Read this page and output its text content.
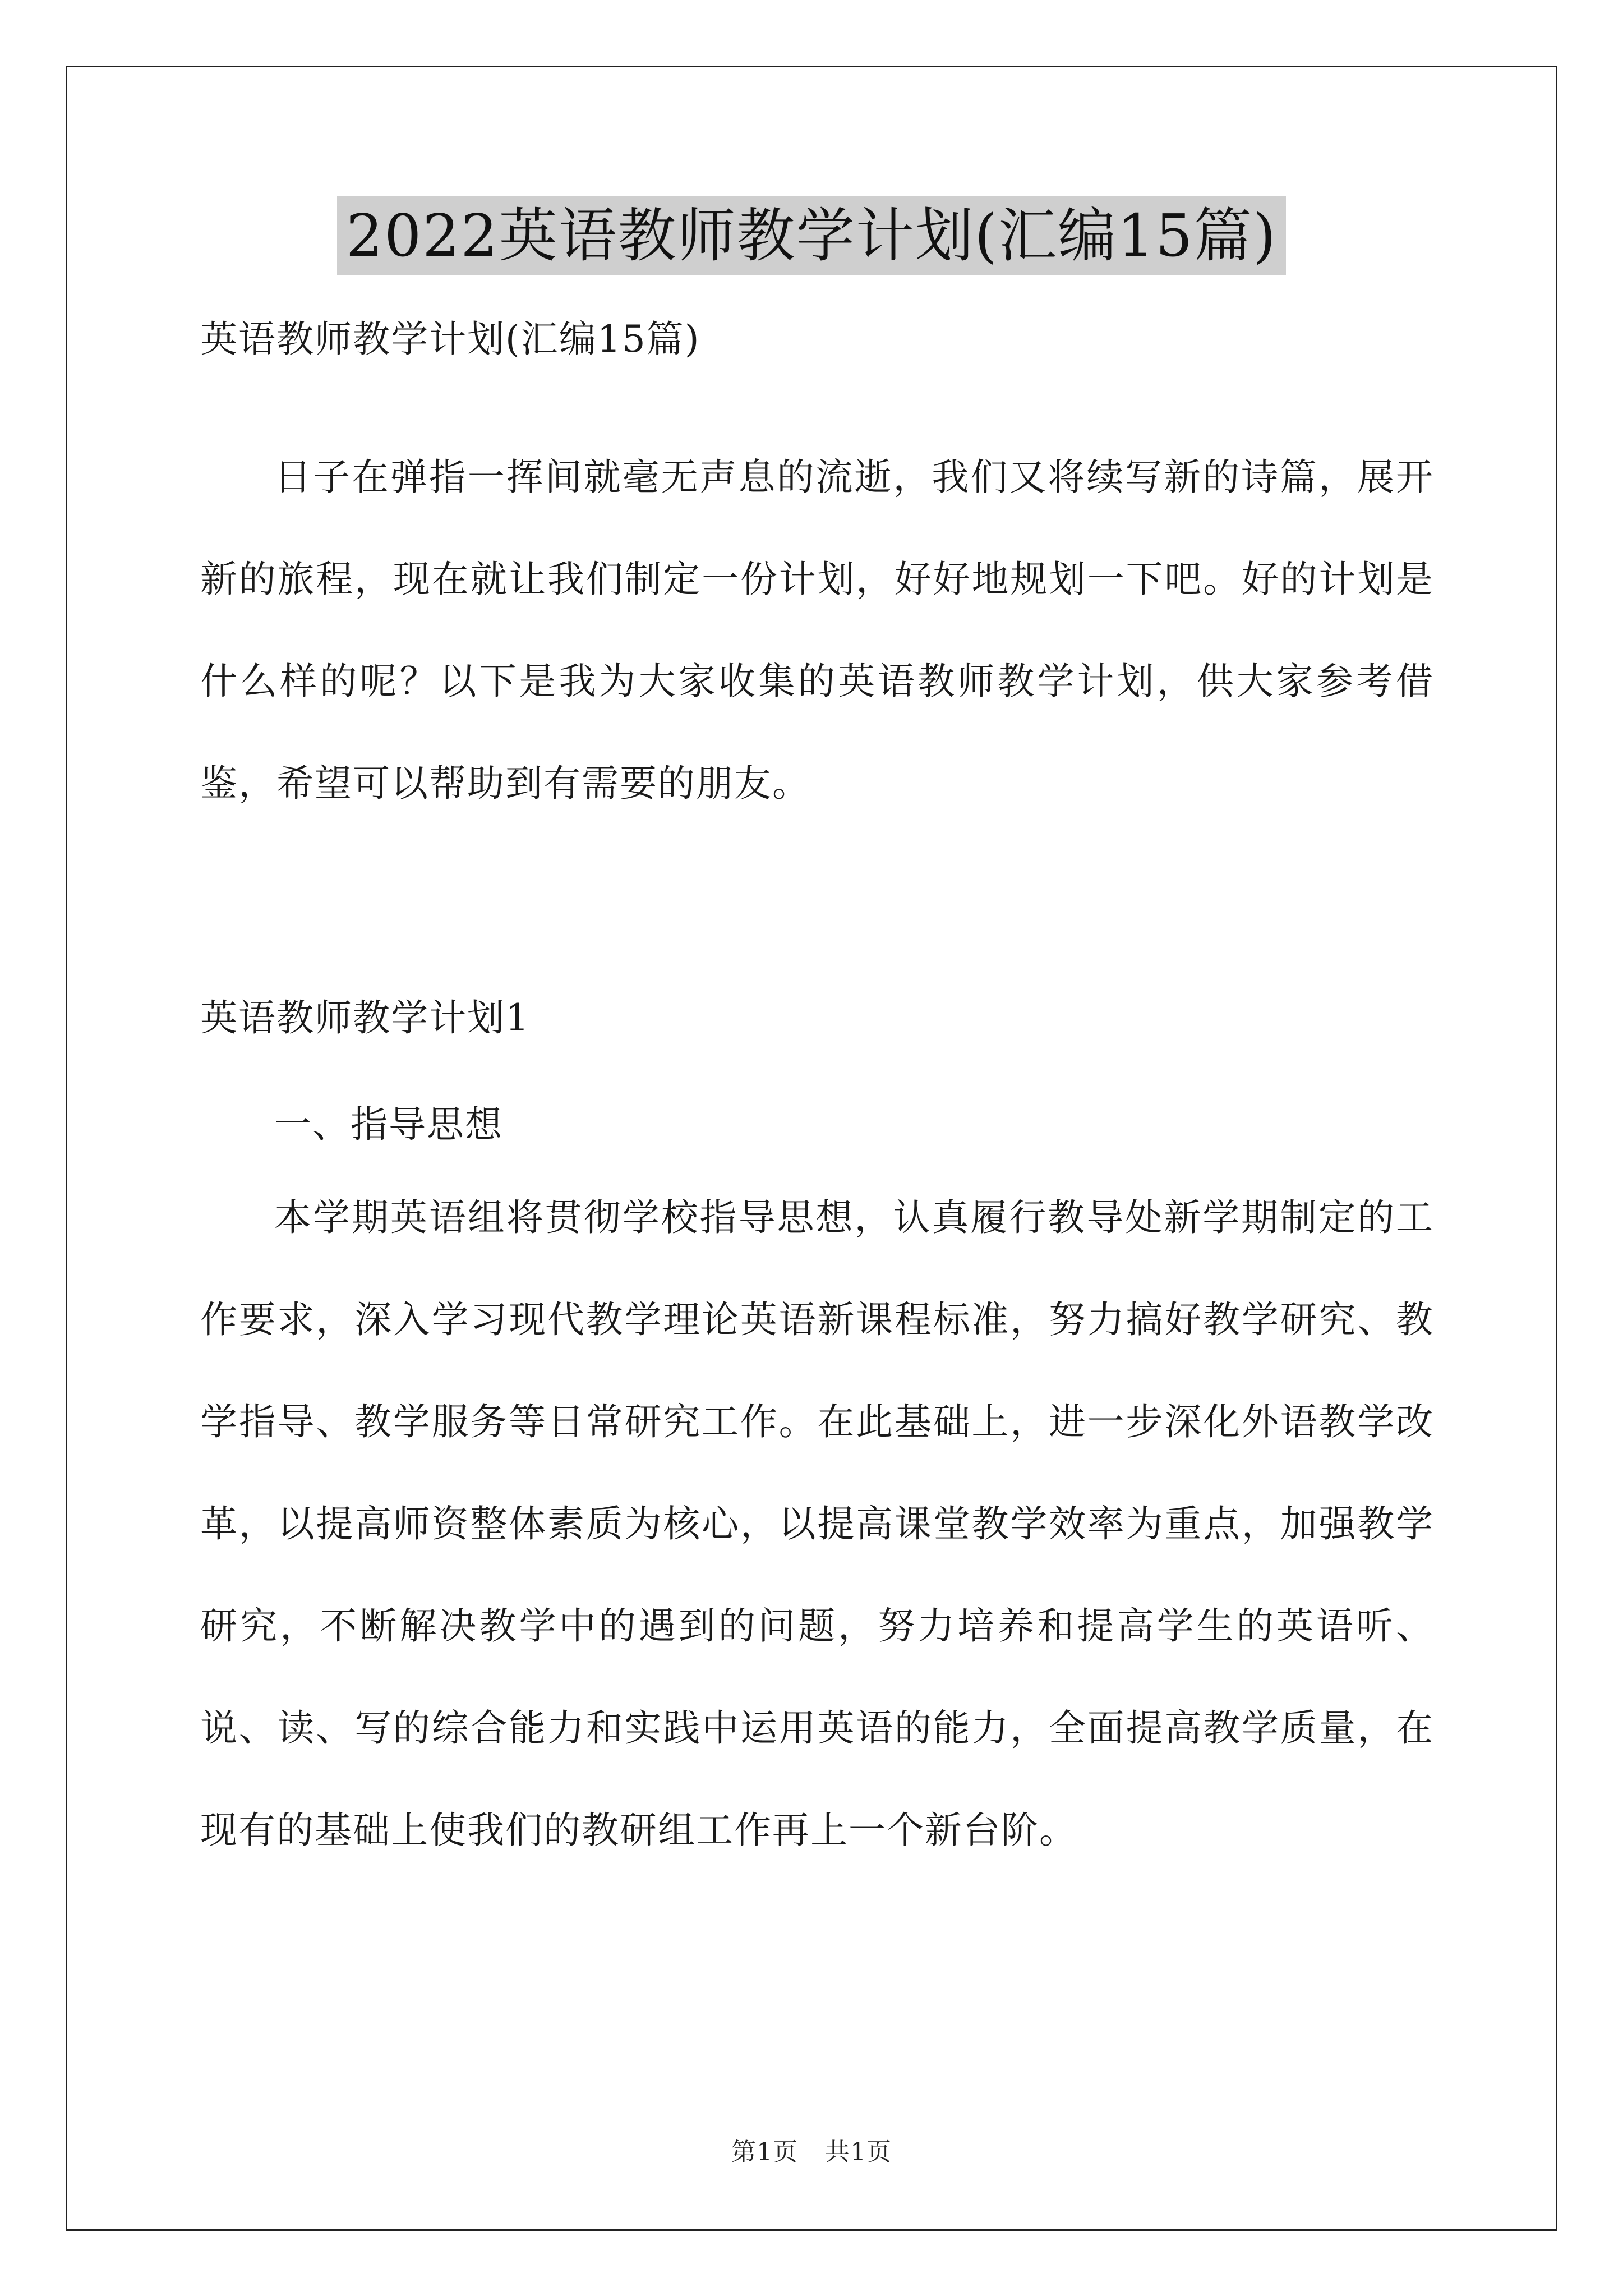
2022英语教师教学计划(汇编15篇)
英语教师教学计划(汇编15篇)

日子在弹指一挥间就毫无声息的流逝，我们又将续写新的诗篇，展开新的旅程，现在就让我们制定一份计划，好好地规划一下吧。好的计划是什么样的呢？以下是我为大家收集的英语教师教学计划，供大家参考借鉴，希望可以帮助到有需要的朋友。

英语教师教学计划1
一、指导思想

本学期英语组将贯彻学校指导思想，认真履行教导处新学期制定的工作要求，深入学习现代教学理论英语新课程标准，努力搞好教学研究、教学指导、教学服务等日常研究工作。在此基础上，进一步深化外语教学改革，以提高师资整体素质为核心，以提高课堂教学效率为重点，加强教学研究，不断解决教学中的遇到的问题，努力培养和提高学生的英语听、说、读、写的综合能力和实践中运用英语的能力，全面提高教学质量，在现有的基础上使我们的教研组工作再上一个新台阶。

第1页 共1页
